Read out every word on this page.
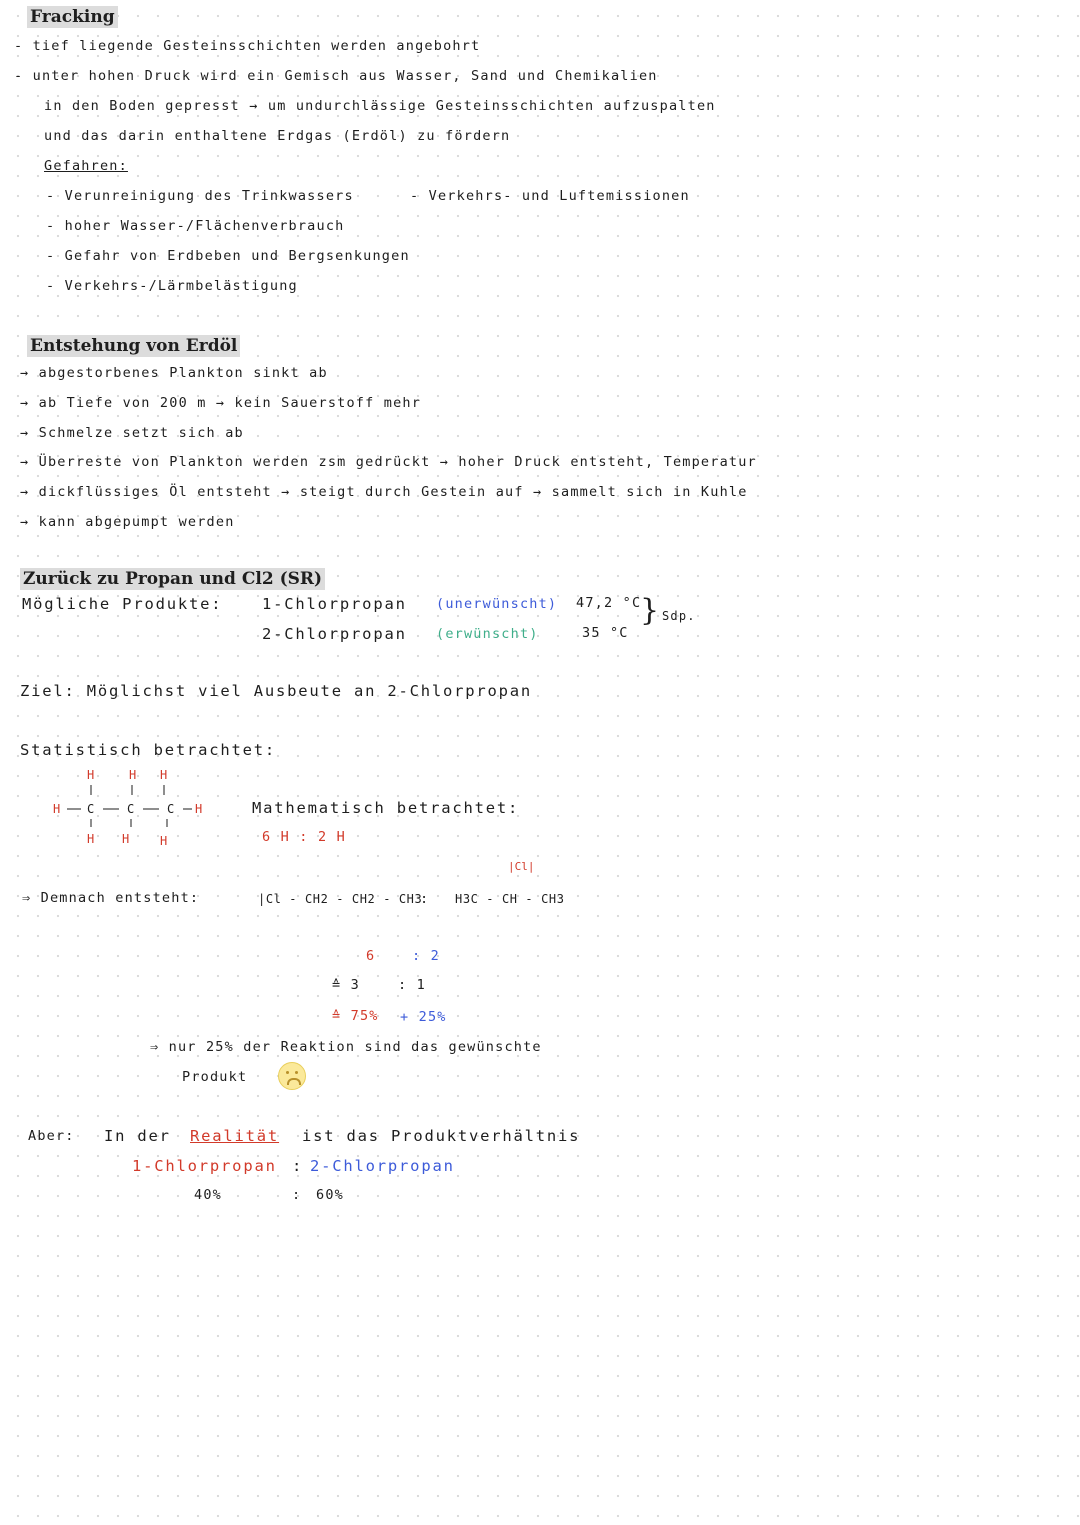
Fracking
- tief liegende Gesteinsschichten werden angebohrt
- unter hohen Druck wird ein Gemisch aus Wasser, Sand und Chemikalien
in den Boden gepresst → um undurchlässige Gesteinsschichten aufzuspalten
und das darin enthaltene Erdgas (Erdöl) zu fördern
Gefahren:
- Verunreinigung des Trinkwassers	- Verkehrs- und Luftemissionen
- hoher Wasser-/Flächenverbrauch
- Gefahr von Erdbeben und Bergsenkungen
- Verkehrs-/Lärmbelästigung
Entstehung von Erdöl
→ abgestorbenes Plankton sinkt ab
→ ab Tiefe von 200 m → kein Sauerstoff mehr
→ Schmelze setzt sich ab
→ Überreste von Plankton werden zsm gedrückt → hoher Druck entsteht, Temperatur
→ dickflüssiges Öl entsteht → steigt durch Gestein auf → sammelt sich in Kuhle
→ kann abgepumpt werden
Zurück zu Propan und Cl2 (SR)
Mögliche Produkte:	1-Chlorpropan (unerwünscht) 47,2 °C
2-Chlorpropan (erwünscht)	35 °C
} Sdp.
Ziel: Möglichst viel Ausbeute an 2-Chlorpropan
Statistisch betrachtet:
H	H H
H	H
H H	H
C	C	C	Mathematisch betrachtet:
6 H : 2 H
⇒ Demnach entsteht:	|Cl - CH2 - CH2 - CH3
:
|Cl|
H3C - CH - CH3
6	: 2
≙ 3	: 1
≙ 75% + 25%
⇒ nur 25% der Reaktion sind das gewünschte
Produkt
Aber: In der Realität ist das Produktverhältnis
1-Chlorpropan : 2-Chlorpropan
40%	: 60%
